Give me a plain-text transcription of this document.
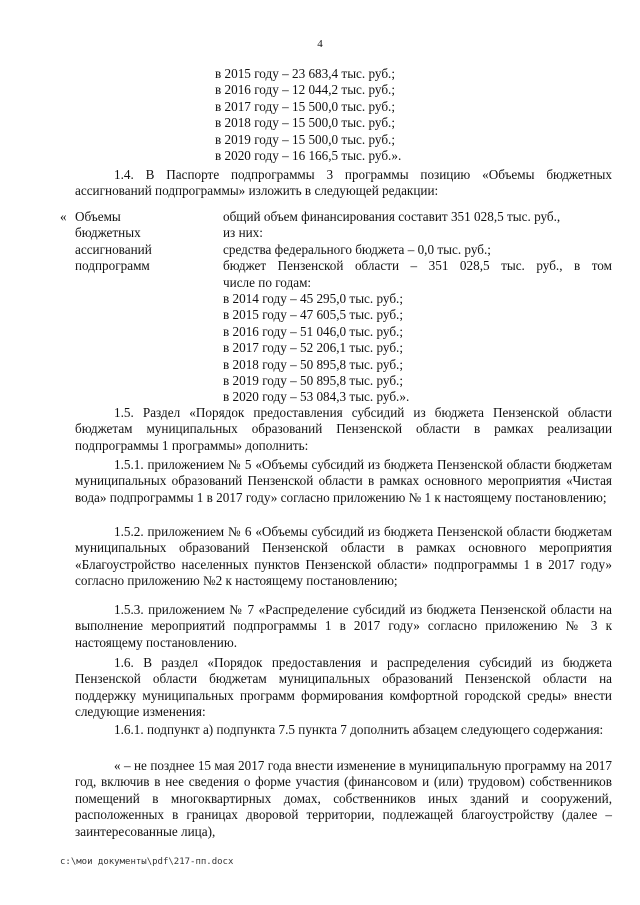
4
в 2015 году – 23 683,4 тыс. руб.;
в 2016 году – 12 044,2 тыс. руб.;
в 2017 году – 15 500,0 тыс. руб.;
в 2018 году – 15 500,0 тыс. руб.;
в 2019 году – 15 500,0 тыс. руб.;
в 2020 году – 16 166,5 тыс. руб.».
1.4. В Паспорте подпрограммы 3 программы позицию «Объемы бюджетных ассигнований подпрограммы» изложить в следующей редакции:
« Объемы
бюджетных
ассигнований
подпрограмм
общий объем финансирования составит 351 028,5 тыс. руб.,
из них:
средства федерального бюджета – 0,0 тыс. руб.;
бюджет Пензенской области – 351 028,5 тыс. руб., в том
числе по годам:
в 2014 году – 45 295,0 тыс. руб.;
в 2015 году – 47 605,5 тыс. руб.;
в 2016 году – 51 046,0 тыс. руб.;
в 2017 году – 52 206,1 тыс. руб.;
в 2018 году – 50 895,8 тыс. руб.;
в 2019 году – 50 895,8 тыс. руб.;
в 2020 году – 53 084,3 тыс. руб.».
1.5. Раздел «Порядок предоставления субсидий из бюджета Пензенской области бюджетам муниципальных образований Пензенской области в рамках реализации подпрограммы 1 программы» дополнить:
1.5.1. приложением № 5 «Объемы субсидий из бюджета Пензенской области бюджетам муниципальных образований Пензенской области в рамках основного мероприятия «Чистая вода» подпрограммы 1 в 2017 году» согласно приложению № 1 к настоящему постановлению;
1.5.2. приложением № 6 «Объемы субсидий из бюджета Пензенской области бюджетам муниципальных образований Пензенской области в рамках основного мероприятия «Благоустройство населенных пунктов Пензенской области» подпрограммы 1 в 2017 году» согласно приложению №2 к настоящему постановлению;
1.5.3. приложением № 7 «Распределение субсидий из бюджета Пензенской области на выполнение мероприятий подпрограммы 1 в 2017 году» согласно приложению № 3 к настоящему постановлению.
1.6. В раздел «Порядок предоставления и распределения субсидий из бюджета Пензенской области бюджетам муниципальных образований Пензенской области на поддержку муниципальных программ формирования комфортной городской среды» внести следующие изменения:
1.6.1. подпункт а) подпункта 7.5 пункта 7 дополнить абзацем следующего содержания:
« – не позднее 15 мая 2017 года внести изменение в муниципальную программу на 2017 год, включив в нее сведения о форме участия (финансовом и (или) трудовом) собственников помещений в многоквартирных домах, собственников иных зданий и сооружений, расположенных в границах дворовой территории, подлежащей благоустройству (далее – заинтересованные лица),
c:\мои документы\pdf\217-пп.docx
